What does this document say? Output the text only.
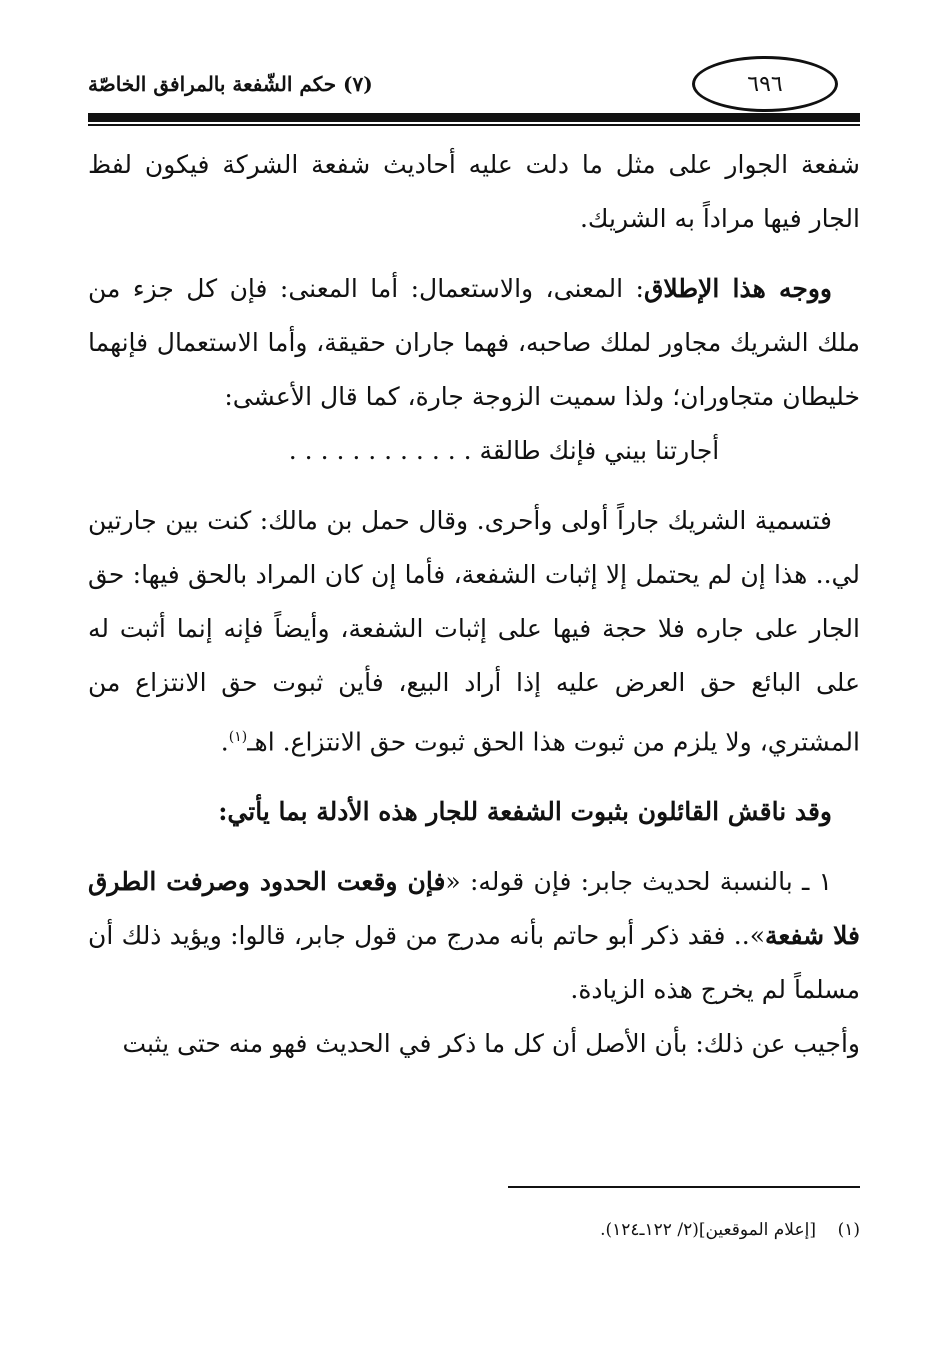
٦٩٦
(٧) حكم الشّفعة بالمرافق الخاصّة

شفعة الجوار على مثل ما دلت عليه أحاديث شفعة الشركة فيكون لفظ الجار فيها مراداً به الشريك.

ووجه هذا الإطلاق: المعنى، والاستعمال: أما المعنى: فإن كل جزء من ملك الشريك مجاور لملك صاحبه، فهما جاران حقيقة، وأما الاستعمال فإنهما خليطان متجاوران؛ ولذا سميت الزوجة جارة، كما قال الأعشى:

أجارتنا بيني فإنك طالقة . . . . . . . . . . . .

فتسمية الشريك جاراً أولى وأحرى. وقال حمل بن مالك: كنت بين جارتين لي.. هذا إن لم يحتمل إلا إثبات الشفعة، فأما إن كان المراد بالحق فيها: حق الجار على جاره فلا حجة فيها على إثبات الشفعة، وأيضاً فإنه إنما أثبت له على البائع حق العرض عليه إذا أراد البيع، فأين ثبوت حق الانتزاع من المشتري، ولا يلزم من ثبوت هذا الحق ثبوت حق الانتزاع. اهـ$^{(١)}$.

وقد ناقش القائلون بثبوت الشفعة للجار هذه الأدلة بما يأتي:

١ ـ بالنسبة لحديث جابر: فإن قوله: «فإن وقعت الحدود وصرفت الطرق فلا شفعة».. فقد ذكر أبو حاتم بأنه مدرج من قول جابر، قالوا: ويؤيد ذلك أن مسلماً لم يخرج هذه الزيادة.

وأجيب عن ذلك: بأن الأصل أن كل ما ذكر في الحديث فهو منه حتى يثبت

(١)    [إعلام الموقعين](٢/ ١٢٢ـ١٢٤).
